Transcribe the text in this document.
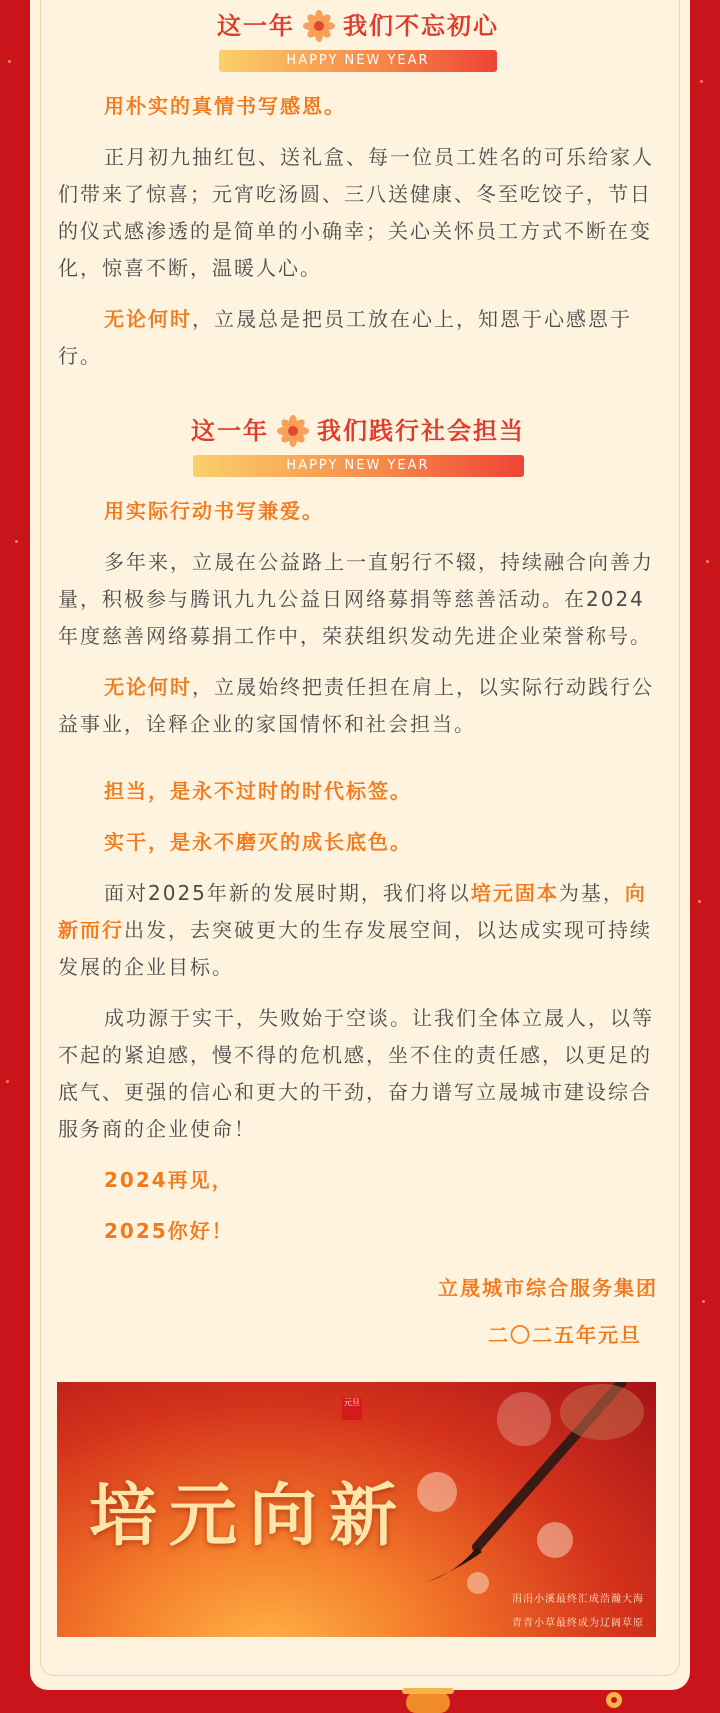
这一年 我们不忘初心
HAPPY NEW YEAR

用朴实的真情书写感恩。

正月初九抽红包、送礼盒、每一位员工姓名的可乐给家人们带来了惊喜；元宵吃汤圆、三八送健康、冬至吃饺子，节日的仪式感渗透的是简单的小确幸；关心关怀员工方式不断在变化，惊喜不断，温暖人心。

无论何时，立晟总是把员工放在心上，知恩于心感恩于行。

这一年 我们践行社会担当
HAPPY NEW YEAR

用实际行动书写兼爱。

多年来，立晟在公益路上一直躬行不辍，持续融合向善力量，积极参与腾讯九九公益日网络募捐等慈善活动。在2024年度慈善网络募捐工作中，荣获组织发动先进企业荣誉称号。

无论何时，立晟始终把责任担在肩上，以实际行动践行公益事业，诠释企业的家国情怀和社会担当。

担当，是永不过时的时代标签。

实干，是永不磨灭的成长底色。

面对2025年新的发展时期，我们将以培元固本为基，向新而行出发，去突破更大的生存发展空间，以达成实现可持续发展的企业目标。

成功源于实干，失败始于空谈。让我们全体立晟人，以等不起的紧迫感，慢不得的危机感，坐不住的责任感，以更足的底气、更强的信心和更大的干劲，奋力谱写立晟城市建设综合服务商的企业使命！

2024再见，

2025你好！

立晟城市综合服务集团

二〇二五年元旦

元旦
培元向新
涓涓小溪最终汇成浩瀚大海
青青小草最终成为辽阔草原
